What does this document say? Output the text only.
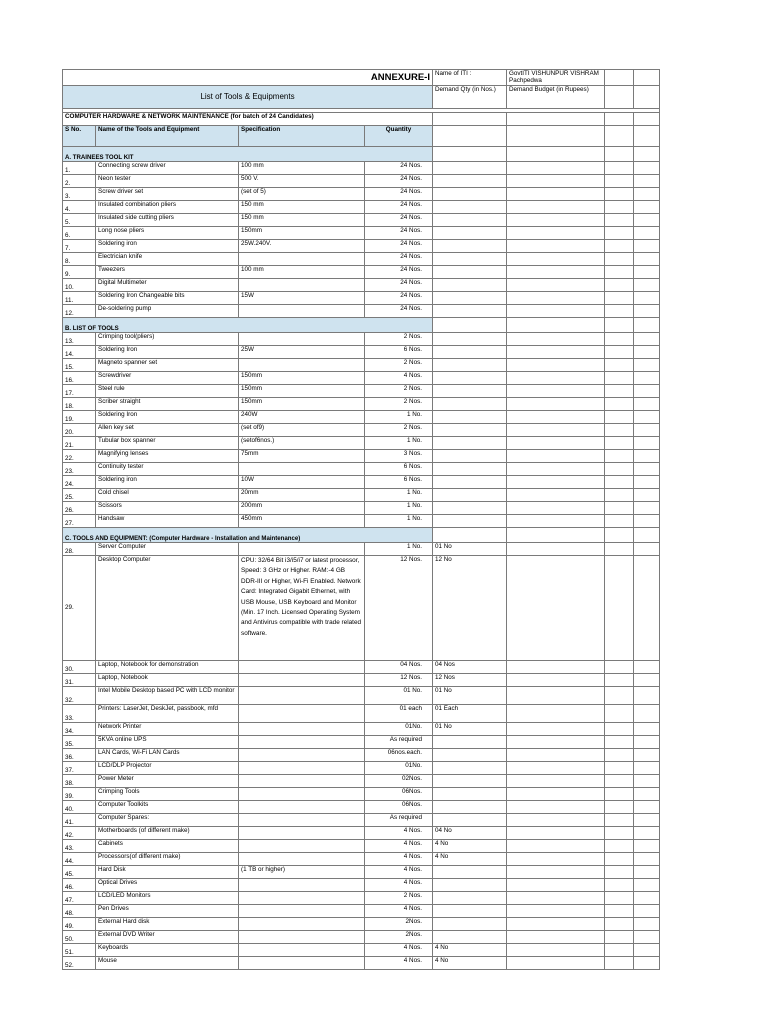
ANNEXURE-I				Name of ITI :	GovtITI VISHUNPUR VISHRAM Pachpedwa		
List of Tools & Equipments				Demand Qty (in Nos.)	Demand Budget (in Rupees)		

COMPUTER HARDWARE & NETWORK MAINTENANCE (for batch of 24 Candidates)							
S No.	Name of the Tools and Equipment	Specification	Quantity				
A. TRAINEES TOOL KIT							
1.	Connecting screw driver	100 mm	24 Nos.				
2.	Neon tester	500 V.	24 Nos.				
3.	Screw driver set	(set of 5)	24 Nos.				
4.	Insulated combination pliers	150 mm	24 Nos.				
5.	Insulated side cutting pliers	150 mm	24 Nos.				
6.	Long nose pliers	150mm	24 Nos.				
7.	Soldering iron	25W.240V.	24 Nos.				
8.	Electrician knife		24 Nos.				
9.	Tweezers	100 mm	24 Nos.				
10.	Digital Multimeter		24 Nos.				
11.	Soldering Iron Changeable bits	15W	24 Nos.				
12.	De-soldering pump		24 Nos.				
B. LIST OF TOOLS							
13.	Crimping tool(pliers)		2 Nos.				
14.	Soldering Iron	25W	6 Nos.				
15.	Magneto spanner set		2 Nos.				
16.	Screwdriver	150mm	4 Nos.				
17.	Steel rule	150mm	2 Nos.				
18.	Scriber straight	150mm	2 Nos.				
19.	Soldering Iron	240W	1 No.				
20.	Allen key set	(set of9)	2 Nos.				
21.	Tubular box spanner	(setof6nos.)	1 No.				
22.	Magnifying lenses	75mm	3 Nos.				
23.	Continuity tester		6 Nos.				
24.	Soldering iron	10W	6 Nos.				
25.	Cold chisel	20mm	1 No.				
26.	Scissors	200mm	1 No.				
27.	Handsaw	450mm	1 No.				
C. TOOLS AND EQUIPMENT: (Computer Hardware - Installation and Maintenance)							
28.	Server Computer		1 No.	01 No			
29.	Desktop Computer	CPU: 32/64 Bit i3/i5/i7 or latest processor, Speed: 3 GHz or Higher. RAM:-4 GB DDR-III or Higher, Wi-Fi Enabled. Network Card: Integrated Gigabit Ethernet, with USB Mouse, USB Keyboard and Monitor (Min. 17 Inch. Licensed Operating System and Antivirus compatible with trade related software.	12 Nos.	12 No			
30.	Laptop, Notebook for demonstration		04 Nos.	04 Nos			
31.	Laptop, Notebook		12 Nos.	12 Nos			
32.	Intel Mobile Desktop based PC with LCD monitor		01 No.	01 No			
33.	Printers: LaserJet, DeskJet, passbook, mfd		01 each	01 Each			
34.	Network Printer		01No.	01 No			
35.	5KVA online UPS		As required				
36.	LAN Cards, Wi-Fi LAN Cards		06nos.each.				
37.	LCD/DLP Projector		01No.				
38.	Power Meter		02Nos.				
39.	Crimping Tools		06Nos.				
40.	Computer Toolkits		06Nos.				
41.	Computer Spares:		As required				
42.	Motherboards (of different make)		4 Nos.	04 No			
43.	Cabinets		4 Nos.	4 No			
44.	Processors(of different make)		4 Nos.	4 No			
45.	Hard Disk	(1 TB or higher)	4 Nos.				
46.	Optical Drives		4 Nos.				
47.	LCD/LED Monitors		2 Nos.				
48.	Pen Drives		4 Nos.				
49.	External Hard disk		2Nos.				
50.	External DVD Writer		2Nos.				
51.	Keyboards		4 Nos.	4 No			
52.	Mouse		4 Nos.	4 No			
